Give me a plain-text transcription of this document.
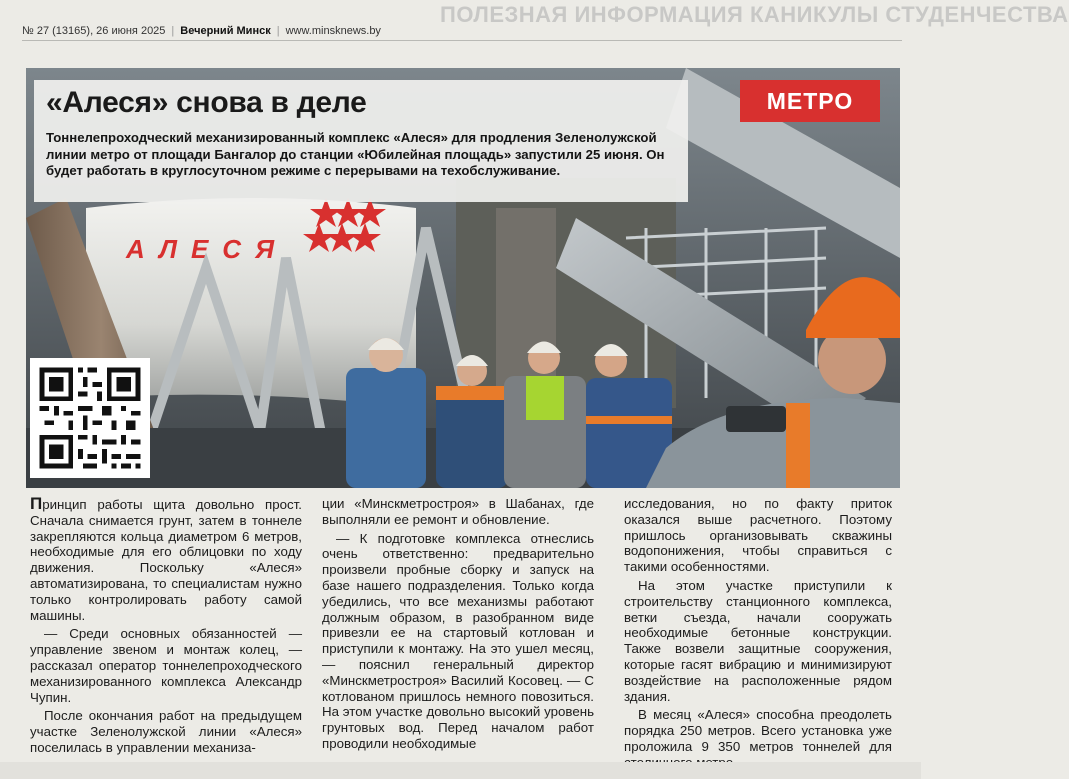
ПОЛЕЗНАЯ ИНФОРМАЦИЯ КАНИКУЛЫ СТУДЕНЧЕСТВА
№ 27 (13165), 26 июня 2025 | Вечерний Минск | www.minsknews.by
АЛЕСЯ
«Алеся» снова в деле
Тоннелепроходческий механизированный комплекс «Алеся» для продления Зеленолужской линии метро от площади Бангалор до станции «Юбилейная площадь» запустили 25 июня. Он будет работать в круглосуточном режиме с перерывами на техобслуживание.
МЕТРО

Принцип работы щита довольно прост. Сначала снимается грунт, затем в тоннеле закрепляются кольца диаметром 6 метров, необходимые для его облицовки по ходу движения. Поскольку «Алеся» автоматизирована, то специалистам нужно только контролировать работу самой машины.

— Среди основных обязанностей — управление звеном и монтаж колец, — рассказал оператор тоннелепроходческого механизированного комплекса Александр Чупин.

После окончания работ на предыдущем участке Зеленолужской линии «Алеся» поселилась в управлении механиза-

ции «Минскметростроя» в Шабанах, где выполняли ее ремонт и обновление.

— К подготовке комплекса отнеслись очень ответственно: предварительно произвели пробные сборку и запуск на базе нашего подразделения. Только когда убедились, что все механизмы работают должным образом, в разобранном виде привезли ее на стартовый котлован и приступили к монтажу. На это ушел месяц, — пояснил генеральный директор «Минскметростроя» Василий Косовец. — С котлованом пришлось немного повозиться. На этом участке довольно высокий уровень грунтовых вод. Перед началом работ проводили необходимые

исследования, но по факту приток оказался выше расчетного. Поэтому пришлось организовывать скважины водопонижения, чтобы справиться с такими особенностями.

На этом участке приступили к строительству станционного комплекса, ветки съезда, начали сооружать необходимые бетонные конструкции. Также возвели защитные сооружения, которые гасят вибрацию и минимизируют воздействие на расположенные рядом здания.

В месяц «Алеся» способна преодолеть порядка 250 метров. Всего установка уже проложила 9 350 метров тоннелей для
